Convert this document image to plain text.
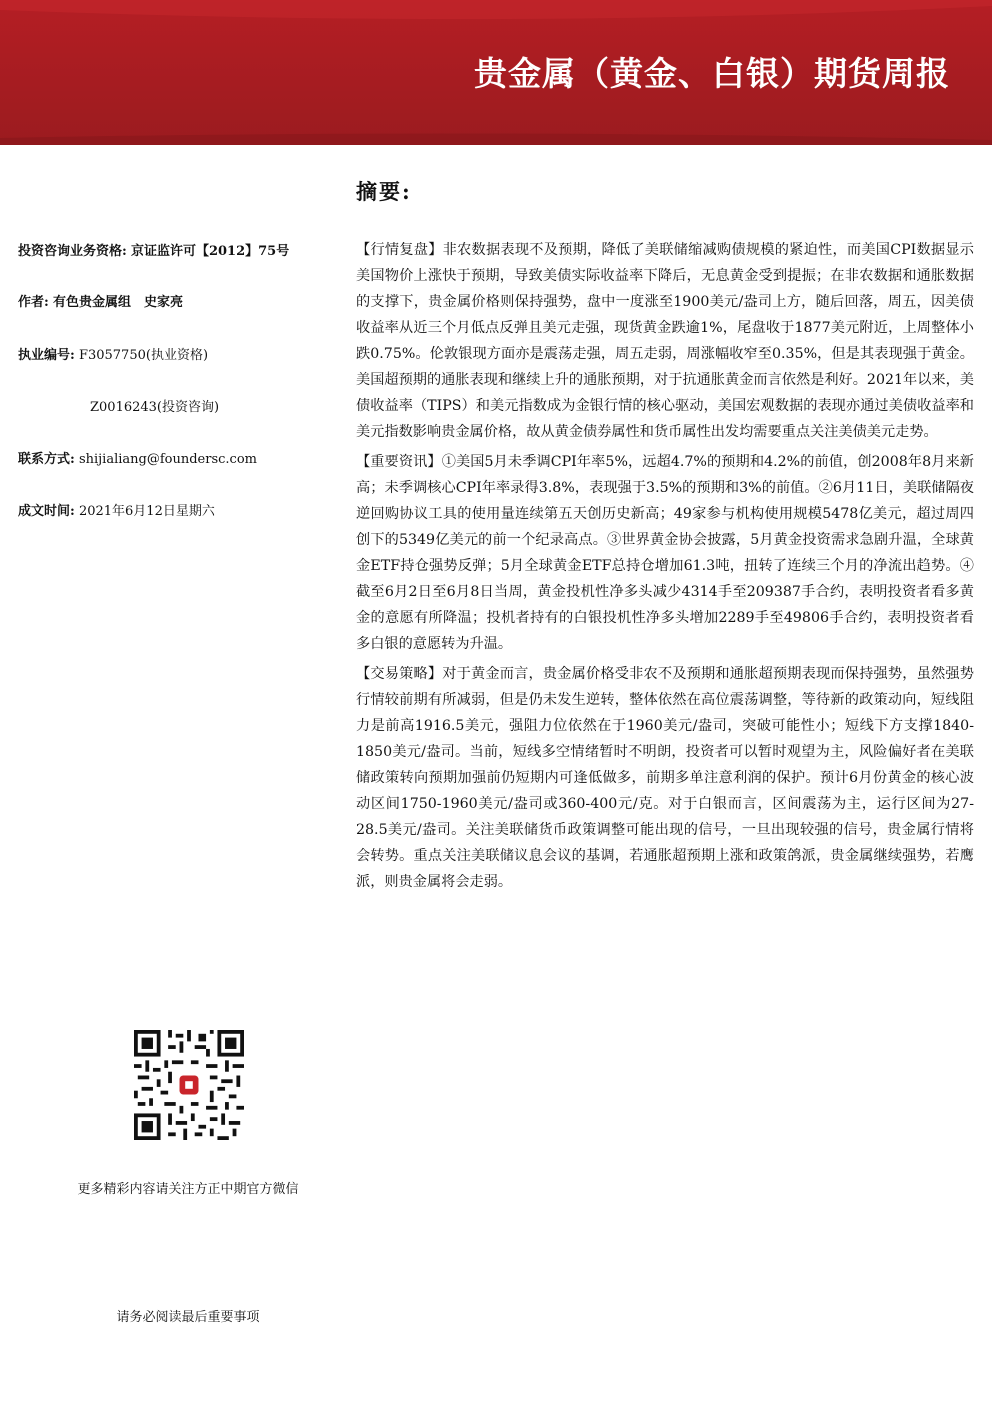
贵金属（黄金、白银）期货周报
摘要:
投资咨询业务资格: 京证监许可【2012】75号
作者: 有色贵金属组　史家亮
执业编号: F3057750(执业资格)
Z0016243(投资咨询)
联系方式: shijialiang@foundersc.com
成文时间: 2021年6月12日星期六
更多精彩内容请关注方正中期官方微信
请务必阅读最后重要事项

【行情复盘】非农数据表现不及预期，降低了美联储缩减购债规模的紧迫性，而美国CPI数据显示美国物价上涨快于预期，导致美债实际收益率下降后，无息黄金受到提振；在非农数据和通胀数据的支撑下，贵金属价格则保持强势，盘中一度涨至1900美元/盎司上方，随后回落，周五，因美债收益率从近三个月低点反弹且美元走强，现货黄金跌逾1%，尾盘收于1877美元附近，上周整体小跌0.75%。伦敦银现方面亦是震荡走强，周五走弱，周涨幅收窄至0.35%，但是其表现强于黄金。美国超预期的通胀表现和继续上升的通胀预期，对于抗通胀黄金而言依然是利好。2021年以来，美债收益率（TIPS）和美元指数成为金银行情的核心驱动，美国宏观数据的表现亦通过美债收益率和美元指数影响贵金属价格，故从黄金债券属性和货币属性出发均需要重点关注美债美元走势。

【重要资讯】①美国5月未季调CPI年率5%，远超4.7%的预期和4.2%的前值，创2008年8月来新高；未季调核心CPI年率录得3.8%，表现强于3.5%的预期和3%的前值。②6月11日，美联储隔夜逆回购协议工具的使用量连续第五天创历史新高；49家参与机构使用规模5478亿美元，超过周四创下的5349亿美元的前一个纪录高点。③世界黄金协会披露，5月黄金投资需求急剧升温，全球黄金ETF持仓强势反弹；5月全球黄金ETF总持仓增加61.3吨，扭转了连续三个月的净流出趋势。④截至6月2日至6月8日当周，黄金投机性净多头减少4314手至209387手合约，表明投资者看多黄金的意愿有所降温；投机者持有的白银投机性净多头增加2289手至49806手合约，表明投资者看多白银的意愿转为升温。

【交易策略】对于黄金而言，贵金属价格受非农不及预期和通胀超预期表现而保持强势，虽然强势行情较前期有所减弱，但是仍未发生逆转，整体依然在高位震荡调整，等待新的政策动向，短线阻力是前高1916.5美元，强阻力位依然在于1960美元/盎司，突破可能性小；短线下方支撑1840-1850美元/盎司。当前，短线多空情绪暂时不明朗，投资者可以暂时观望为主，风险偏好者在美联储政策转向预期加强前仍短期内可逢低做多，前期多单注意利润的保护。预计6月份黄金的核心波动区间1750-1960美元/盎司或360-400元/克。对于白银而言，区间震荡为主，运行区间为27-28.5美元/盎司。关注美联储货币政策调整可能出现的信号，一旦出现较强的信号，贵金属行情将会转势。重点关注美联储议息会议的基调，若通胀超预期上涨和政策鸽派，贵金属继续强势，若鹰派，则贵金属将会走弱。
